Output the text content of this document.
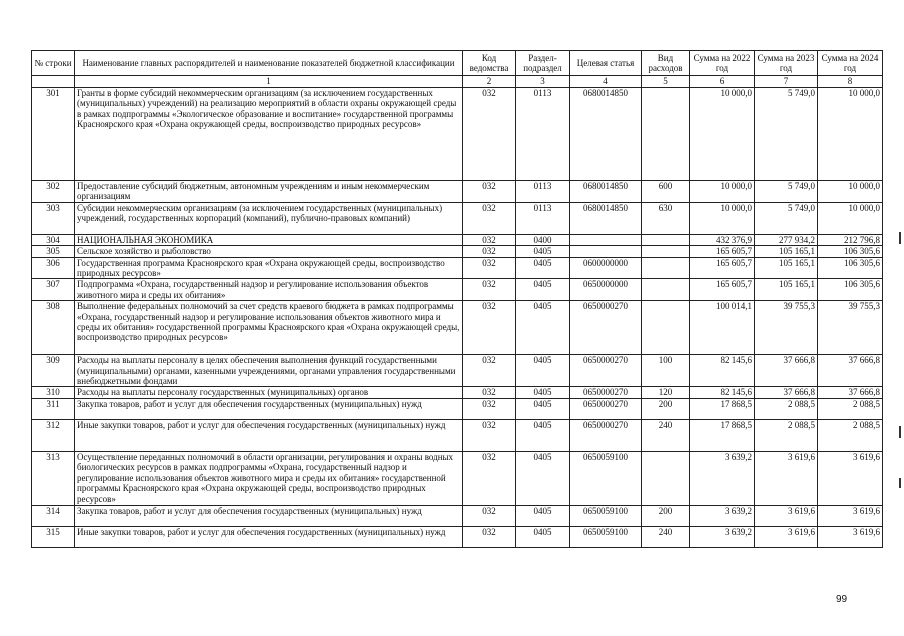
№ строки	Наименование главных распорядителей и наименование показателей бюджетной классификации	Код ведомства	Раздел-подраздел	Целевая статья	Вид расходов	Сумма на 2022 год	Сумма на 2023 год	Сумма на 2024 год
	1	2	3	4	5	6	7	8
301	Гранты в форме субсидий некоммерческим организациям (за исключением государственных (муниципальных) учреждений) на реализацию мероприятий в области охраны окружающей среды в рамках подпрограммы «Экологическое образование и воспитание» государственной программы Красноярского края «Охрана окружающей среды, воспроизводство природных ресурсов»	032	0113	0680014850		10 000,0	5 749,0	10 000,0
302	Предоставление субсидий бюджетным, автономным учреждениям и иным некоммерческим организациям	032	0113	0680014850	600	10 000,0	5 749,0	10 000,0
303	Субсидии некоммерческим организациям (за исключением государственных (муниципальных) учреждений, государственных корпораций (компаний), публично-правовых компаний)	032	0113	0680014850	630	10 000,0	5 749,0	10 000,0
304	НАЦИОНАЛЬНАЯ ЭКОНОМИКА	032	0400			432 376,9	277 934,2	212 796,8
305	Сельское хозяйство и рыболовство	032	0405			165 605,7	105 165,1	106 305,6
306	Государственная программа Красноярского края «Охрана окружающей среды, воспроизводство природных ресурсов»	032	0405	0600000000		165 605,7	105 165,1	106 305,6
307	Подпрограмма «Охрана, государственный надзор и регулирование использования объектов животного мира и среды их обитания»	032	0405	0650000000		165 605,7	105 165,1	106 305,6
308	Выполнение федеральных полномочий за счет средств краевого бюджета в рамках подпрограммы «Охрана, государственный надзор и регулирование использования объектов животного мира и среды их обитания» государственной программы Красноярского края «Охрана окружающей среды, воспроизводство природных ресурсов»	032	0405	0650000270		100 014,1	39 755,3	39 755,3
309	Расходы на выплаты персоналу в целях обеспечения выполнения функций государственными (муниципальными) органами, казенными учреждениями, органами управления государственными внебюджетными фондами	032	0405	0650000270	100	82 145,6	37 666,8	37 666,8
310	Расходы на выплаты персоналу государственных (муниципальных) органов	032	0405	0650000270	120	82 145,6	37 666,8	37 666,8
311	Закупка товаров, работ и услуг для обеспечения государственных (муниципальных) нужд	032	0405	0650000270	200	17 868,5	2 088,5	2 088,5
312	Иные закупки товаров, работ и услуг для обеспечения государственных (муниципальных) нужд	032	0405	0650000270	240	17 868,5	2 088,5	2 088,5
313	Осуществление переданных полномочий в области организации, регулирования и охраны водных биологических ресурсов в рамках подпрограммы «Охрана, государственный надзор и регулирование использования объектов животного мира и среды их обитания» государственной программы Красноярского края «Охрана окружающей среды, воспроизводство природных ресурсов»	032	0405	0650059100		3 639,2	3 619,6	3 619,6
314	Закупка товаров, работ и услуг для обеспечения государственных (муниципальных) нужд	032	0405	0650059100	200	3 639,2	3 619,6	3 619,6
315	Иные закупки товаров, работ и услуг для обеспечения государственных (муниципальных) нужд	032	0405	0650059100	240	3 639,2	3 619,6	3 619,6
99
